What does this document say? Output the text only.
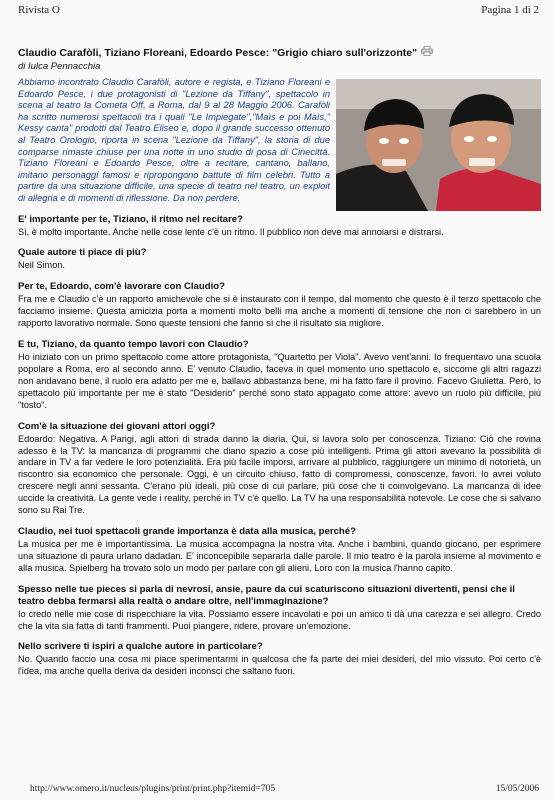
Rivista O	Pagina 1 di 2

Claudio Carafòli, Tiziano Floreani, Edoardo Pesce: "Grigio chiaro sull'orizzonte"

di Iulca Pennacchia

Abbiamo incontrato Claudio Carafòli, autore e regista, e Tiziano Floreani e Edoardo Pesce, i due protagonisti di "Lezione da Tiffany", spettacolo in scena al teatro la Cometa Off, a Roma, dal 9 al 28 Maggio 2006. Carafòli ha scritto numerosi spettacoli tra i quali "Le Impiegate","Maìs e poi Maìs," Kessy canta" prodotti dal Teatro Eliseo e, dopo il grande successo ottenuto al Teatro Orologio, riporta in scena "Lezione da Tiffany", la storia di due comparse rimaste chiuse per una notte in uno studio di posa di Cinecittà. Tiziano Floreani e Edoardo Pesce, oltre a recitare, cantano, ballano, imitano personaggi famosi e ripropongono battute di film celebri. Tutto a partire da una situazione difficile, una specie di teatro nel teatro, un exploit di allegria e di momenti di riflessione. Da non perdere.

E' importante per te, Tiziano, il ritmo nel recitare?

Sì, è molto importante. Anche nelle cose lente c'è un ritmo. Il pubblico non deve mai annoiarsi e distrarsi.

Quale autore ti piace di più?

Neil Simon.

Per te, Edoardo, com'è lavorare con Claudio?

Fra me e Claudio c'è un rapporto amichevole che si è instaurato con il tempo, dal momento che questo è il terzo spettacolo che facciamo insieme. Questa amicizia porta a momenti molto belli ma anche a momenti di tensione che non ci sarebbero in un rapporto lavorativo normale. Sono queste tensioni che fanno sì che il risultato sia migliore.

E tu, Tiziano, da quanto tempo lavori con Claudio?

Ho iniziato con un primo spettacolo come attore protagonista, "Quartetto per Viola". Avevo vent'anni. Io frequentavo una scuola popolare a Roma, ero al secondo anno. E' venuto Claudio, faceva in quel momento uno spettacolo e, siccome gli altri ragazzi non andavano bene, il ruolo era adatto per me e, ballavo abbastanza bene, mi ha fatto fare il provino. Facevo Giulietta. Però, lo spettacolo più importante per me è stato "Desiderio" perché sono stato appagato come attore: avevo un ruolo più difficile, più "tosto".

Com'è la situazione dei giovani attori oggi?

Edoardo: Negativa. A Parigi, agli attori di strada danno la diaria. Qui, si lavora solo per conoscenza. Tiziano: Ciò che rovina adesso è la TV: la mancanza di programmi che diano spazio a cose più intelligenti. Prima gli attori avevano la possibilità di andare in TV a far vedere le loro potenzialità. Era più facile imporsi, arrivare al pubblico, raggiungere un minimo di notorietà, un riscontro sia economico che personale. Oggi, è un circuito chiuso, fatto di compromessi, conoscenze, favori. Io avrei voluto crescere negli anni sessanta. C'erano più ideali, più cose di cui parlare, più cose che ti coinvolgevano. La mancanza di idee uccide la creatività. La gente vede i reality, perché in TV c'è quello. La TV ha una responsabilità notevole. Le cose che si salvano sono su Rai Tre.

Claudio, nei tuoi spettacoli grande importanza è data alla musica, perché?

La musica per me è importantissima. La musica accompagna la nostra vita. Anche i bambini, quando giocano, per esprimere una situazione di paura urlano dadadan. E' inconcepibile separarla dalle parole. Il mio teatro è la parola insieme al movimento e alla musica. Spielberg ha trovato solo un modo per parlare con gli alieni. Loro con la musica l'hanno capito.

Spesso nelle tue pieces si parla di nevrosi, ansie, paure da cui scaturiscono situazioni divertenti, pensi che il teatro debba fermarsi alla realtà o andare oltre, nell'immaginazione?

Io credo nelle mie cose di rispecchiare la vita. Possiamo essere incavolati e poi un amico ti dà una carezza e sei allegro. Credo che la vita sia fatta di tanti frammenti. Puoi piangere, ridere, provare un'emozione.

Nello scrivere ti ispiri a qualche autore in particolare?

No. Quando faccio una cosa mi piace sperimentarmi in qualcosa che fa parte dei miei desideri, del mio vissuto. Poi certo c'è l'idea, ma anche quella deriva da desideri inconsci che saltano fuori.

http://www.omero.it/nucleus/plugins/print/print.php?itemid=705	15/05/2006
